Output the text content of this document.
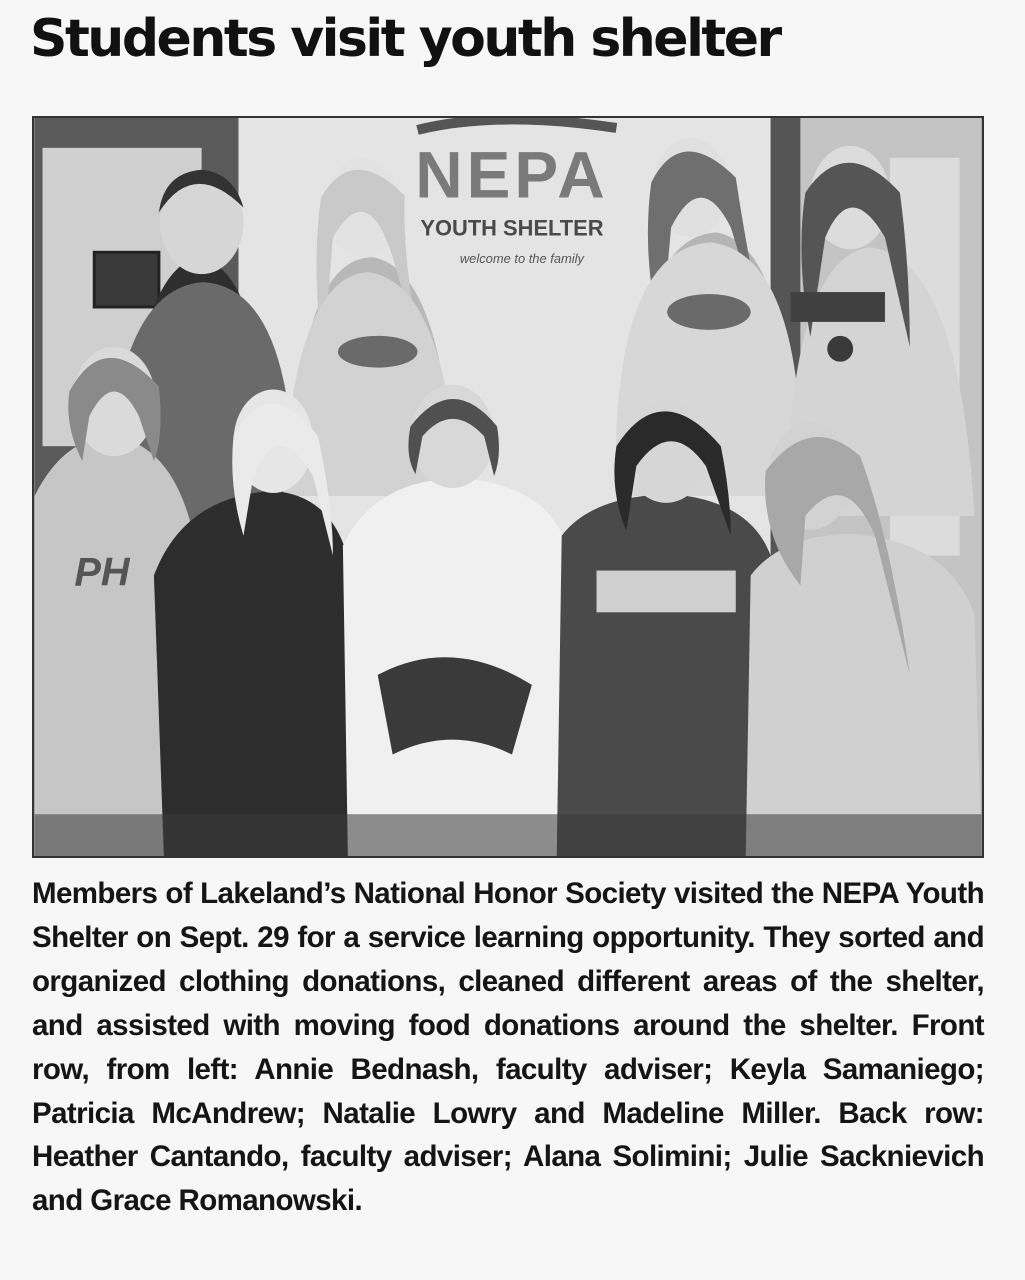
Students visit youth shelter
NEPA
YOUTH SHELTER
welcome to the family
PH

Members of Lakeland’s National Honor Society visited the NEPA Youth Shelter on Sept. 29 for a service learning opportunity. They sorted and organized clothing donations, cleaned different areas of the shelter, and assisted with moving food donations around the shelter. Front row, from left: Annie Bednash, faculty adviser; Keyla Samaniego; Patricia McAndrew; Natalie Lowry and Madeline Miller. Back row: Heather Cantando, faculty adviser; Alana Solimini; Julie Sacknievich and Grace Romanowski.
